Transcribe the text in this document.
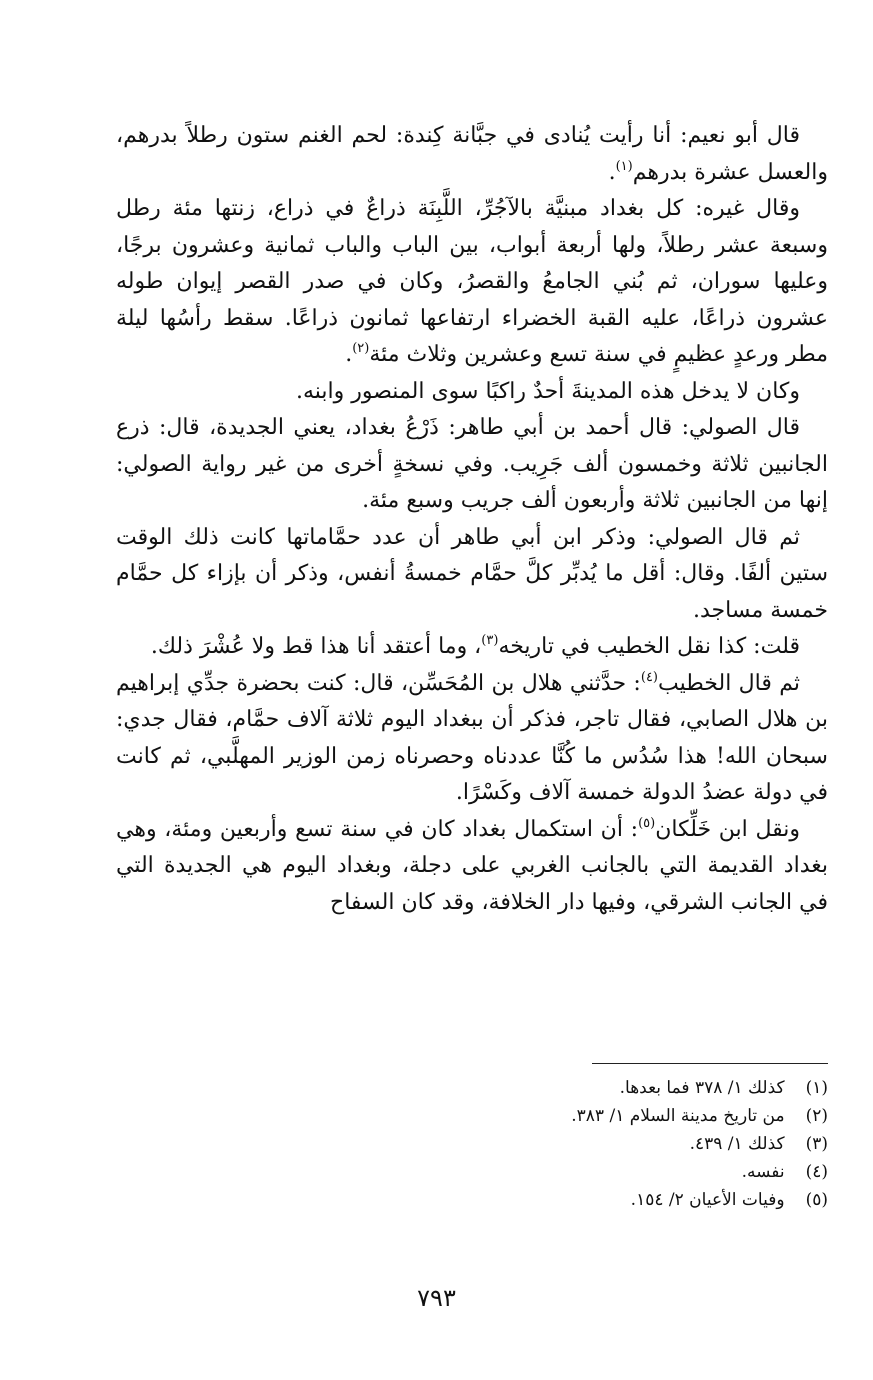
قال أبو نعيم: أنا رأيت يُنادى في جبَّانة كِندة: لحم الغنم ستون رطلاً بدرهم، والعسل عشرة بدرهم$^{(١)}$.

وقال غيره: كل بغداد مبنيَّة بالآجُرِّ، اللَّبِنَة ذراعٌ في ذراع، زنتها مئة رطل وسبعة عشر رطلاً، ولها أربعة أبواب، بين الباب والباب ثمانية وعشرون برجًا، وعليها سوران، ثم بُني الجامعُ والقصرُ، وكان في صدر القصر إيوان طوله عشرون ذراعًا، عليه القبة الخضراء ارتفاعها ثمانون ذراعًا. سقط رأسُها ليلة مطر ورعدٍ عظيمٍ في سنة تسع وعشرين وثلاث مئة$^{(٢)}$.

وكان لا يدخل هذه المدينةَ أحدٌ راكبًا سوى المنصور وابنه.

قال الصولي: قال أحمد بن أبي طاهر: ذَرْعُ بغداد، يعني الجديدة، قال: ذرع الجانبين ثلاثة وخمسون ألف جَرِيب. وفي نسخةٍ أخرى من غير رواية الصولي: إنها من الجانبين ثلاثة وأربعون ألف جريب وسبع مئة.

ثم قال الصولي: وذكر ابن أبي طاهر أن عدد حمَّاماتها كانت ذلك الوقت ستين ألفًا. وقال: أقل ما يُدبِّر كلَّ حمَّام خمسةُ أنفس، وذكر أن بإزاء كل حمَّام خمسة مساجد.

قلت: كذا نقل الخطيب في تاريخه$^{(٣)}$، وما أعتقد أنا هذا قط ولا عُشْرَ ذلك.

ثم قال الخطيب$^{(٤)}$: حدَّثني هلال بن المُحَسِّن، قال: كنت بحضرة جدِّي إبراهيم بن هلال الصابي، فقال تاجر، فذكر أن ببغداد اليوم ثلاثة آلاف حمَّام، فقال جدي: سبحان الله! هذا سُدُس ما كُنَّا عددناه وحصرناه زمن الوزير المهلَّبي، ثم كانت في دولة عضدُ الدولة خمسة آلاف وكَسْرًا.

ونقل ابن خَلِّكان$^{(٥)}$: أن استكمال بغداد كان في سنة تسع وأربعين ومئة، وهي بغداد القديمة التي بالجانب الغربي على دجلة، وبغداد اليوم هي الجديدة التي في الجانب الشرقي، وفيها دار الخلافة، وقد كان السفاح

(١) كذلك ١/ ٣٧٨ فما بعدها.
(٢) من تاريخ مدينة السلام ١/ ٣٨٣.
(٣) كذلك ١/ ٤٣٩.
(٤) نفسه.
(٥) وفيات الأعيان ٢/ ١٥٤.
٧٩٣
